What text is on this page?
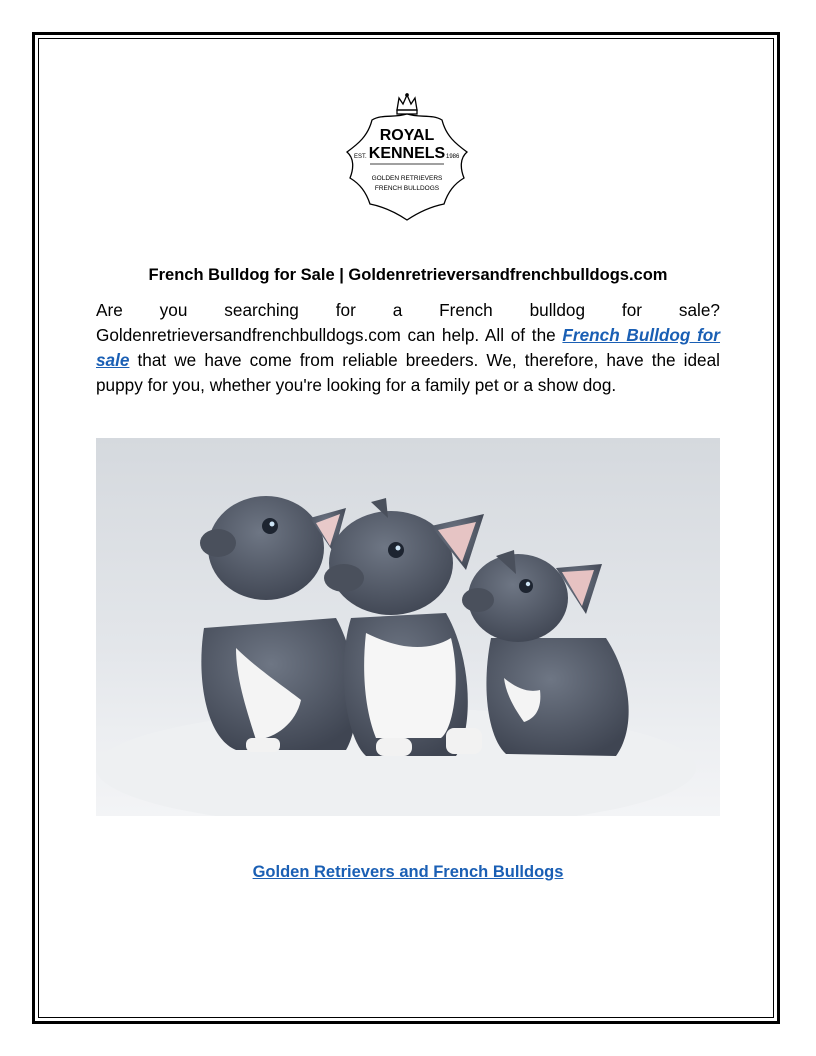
ROYAL
KENNELS
EST.	1986
GOLDEN RETRIEVERS
FRENCH BULLDOGS
French Bulldog for Sale | Goldenretrieversandfrenchbulldogs.com

Are you searching for a French bulldog for sale? Goldenretrieversandfrenchbulldogs.com can help. All of the French Bulldog for sale that we have come from reliable breeders. We, therefore, have the ideal puppy for you, whether you're looking for a family pet or a show dog.

Golden Retrievers and French Bulldogs
